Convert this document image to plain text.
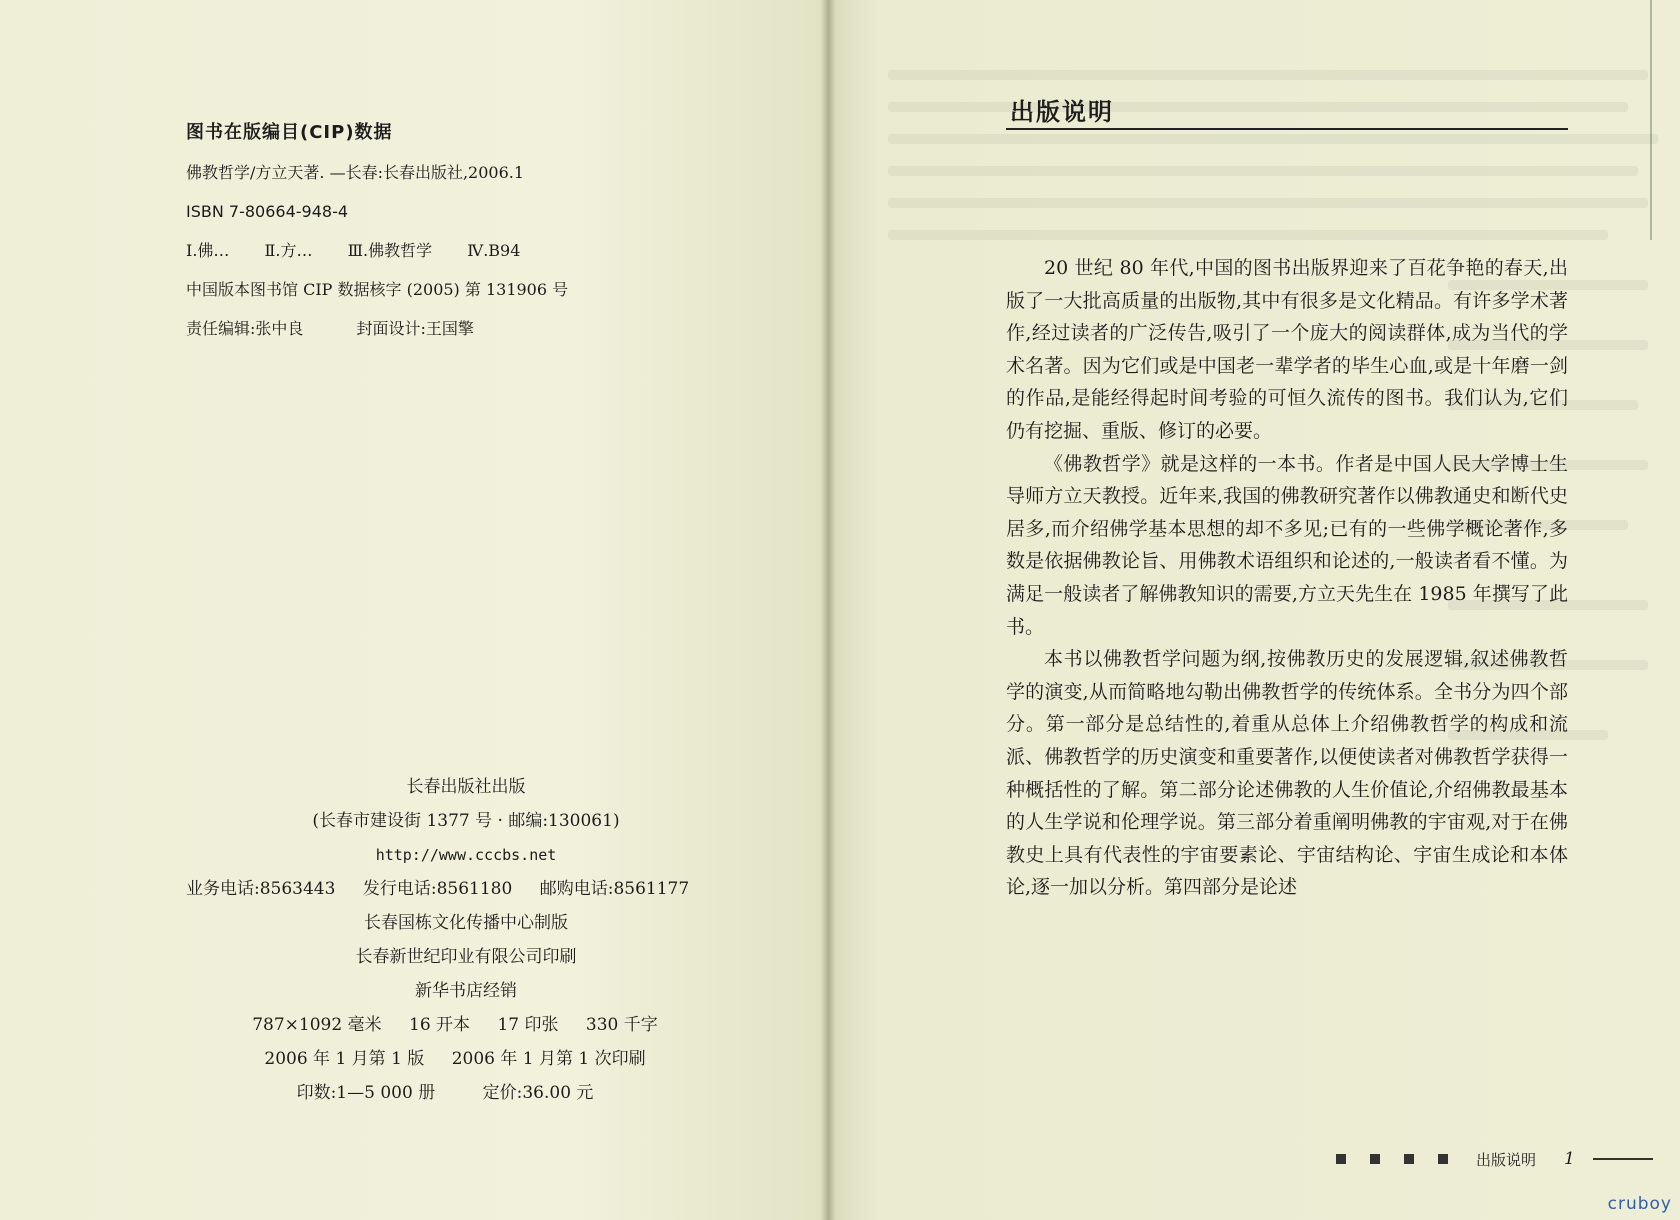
图书在版编目(CIP)数据
佛教哲学/方立天著. —长春:长春出版社,2006.1
ISBN 7-80664-948-4
Ⅰ.佛… Ⅱ.方… Ⅲ.佛教哲学 Ⅳ.B94
中国版本图书馆 CIP 数据核字 (2005) 第 131906 号
责任编辑:张中良	封面设计:王国擎
长春出版社出版
(长春市建设街 1377 号 · 邮编:130061)
http://www.cccbs.net
业务电话:8563443 发行电话:8561180 邮购电话:8561177
长春国栋文化传播中心制版
长春新世纪印业有限公司印刷
新华书店经销
787×1092 毫米 16 开本 17 印张 330 千字
2006 年 1 月第 1 版 2006 年 1 月第 1 次印刷
印数:1—5 000 册	定价:36.00 元
出版说明

20 世纪 80 年代,中国的图书出版界迎来了百花争艳的春天,出版了一大批高质量的出版物,其中有很多是文化精品。有许多学术著作,经过读者的广泛传告,吸引了一个庞大的阅读群体,成为当代的学术名著。因为它们或是中国老一辈学者的毕生心血,或是十年磨一剑的作品,是能经得起时间考验的可恒久流传的图书。我们认为,它们仍有挖掘、重版、修订的必要。

《佛教哲学》就是这样的一本书。作者是中国人民大学博士生导师方立天教授。近年来,我国的佛教研究著作以佛教通史和断代史居多,而介绍佛学基本思想的却不多见;已有的一些佛学概论著作,多数是依据佛教论旨、用佛教术语组织和论述的,一般读者看不懂。为满足一般读者了解佛教知识的需要,方立天先生在 1985 年撰写了此书。

本书以佛教哲学问题为纲,按佛教历史的发展逻辑,叙述佛教哲学的演变,从而简略地勾勒出佛教哲学的传统体系。全书分为四个部分。第一部分是总结性的,着重从总体上介绍佛教哲学的构成和流派、佛教哲学的历史演变和重要著作,以便使读者对佛教哲学获得一种概括性的了解。第二部分论述佛教的人生价值论,介绍佛教最基本的人生学说和伦理学说。第三部分着重阐明佛教的宇宙观,对于在佛教史上具有代表性的宇宙要素论、宇宙结构论、宇宙生成论和本体论,逐一加以分析。第四部分是论述

出版说明 1
cruboy
